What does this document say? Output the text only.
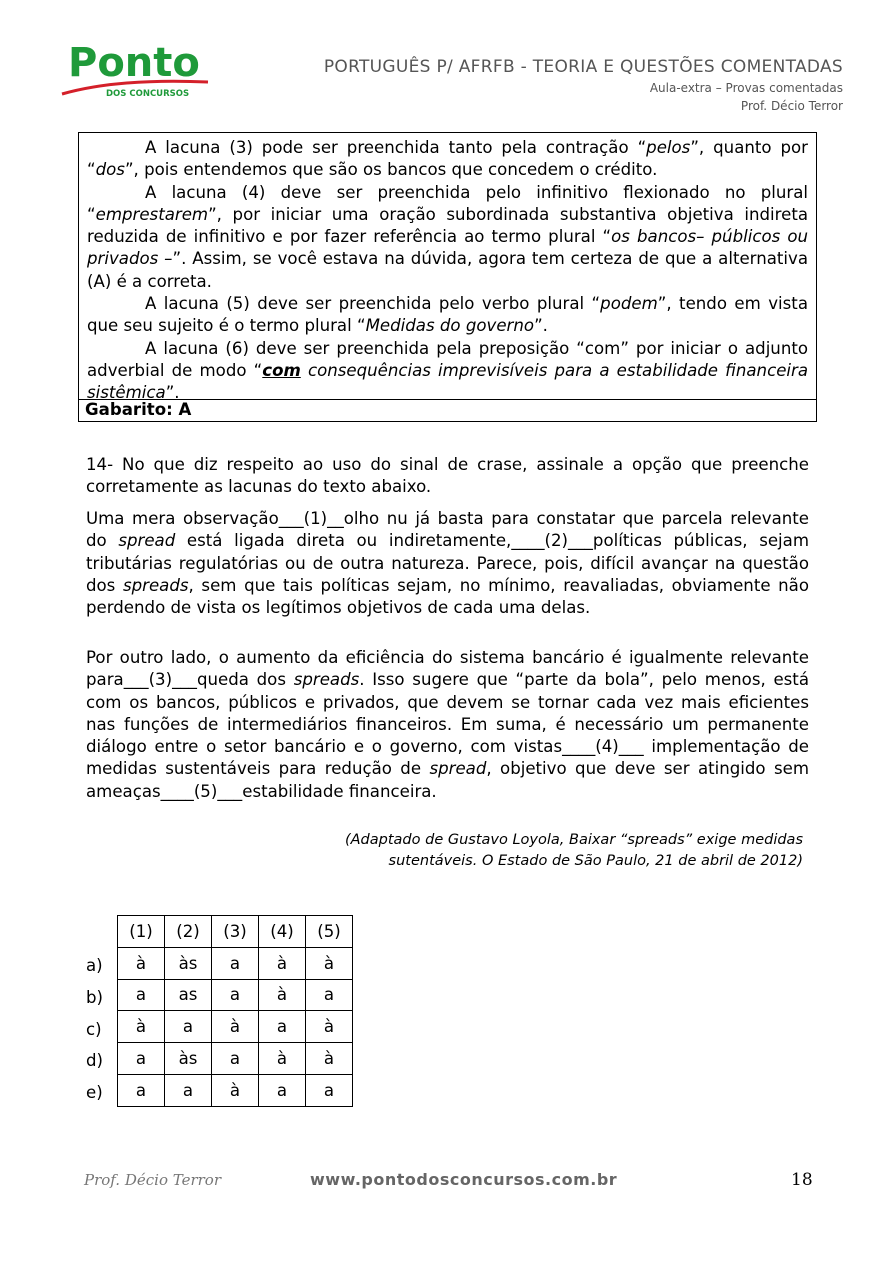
Ponto
DOS CONCURSOS
PORTUGUÊS P/ AFRFB - TEORIA E QUESTÕES COMENTADAS
Aula-extra – Provas comentadas
Prof. Décio Terror

A lacuna (3) pode ser preenchida tanto pela contração “pelos”, quanto por “dos”, pois entendemos que são os bancos que concedem o crédito.

A lacuna (4) deve ser preenchida pelo infinitivo flexionado no plural “emprestarem”, por iniciar uma oração subordinada substantiva objetiva indireta reduzida de infinitivo e por fazer referência ao termo plural “os bancos– públicos ou privados –”. Assim, se você estava na dúvida, agora tem certeza de que a alternativa (A) é a correta.

A lacuna (5) deve ser preenchida pelo verbo plural “podem”, tendo em vista que seu sujeito é o termo plural “Medidas do governo”.

A lacuna (6) deve ser preenchida pela preposição “com” por iniciar o adjunto adverbial de modo “com consequências imprevisíveis para a estabilidade financeira sistêmica”.

Gabarito: A
14- No que diz respeito ao uso do sinal de crase, assinale a opção que preenche corretamente as lacunas do texto abaixo.
Uma mera observação___(1)__olho nu já basta para constatar que parcela relevante do spread está ligada direta ou indiretamente,____(2)___políticas públicas, sejam tributárias regulatórias ou de outra natureza. Parece, pois, difícil avançar na questão dos spreads, sem que tais políticas sejam, no mínimo, reavaliadas, obviamente não perdendo de vista os legítimos objetivos de cada uma delas.
Por outro lado, o aumento da eficiência do sistema bancário é igualmente relevante para___(3)___queda dos spreads. Isso sugere que “parte da bola”, pelo menos, está com os bancos, públicos e privados, que devem se tornar cada vez mais eficientes nas funções de intermediários financeiros. Em suma, é necessário um permanente diálogo entre o setor bancário e o governo, com vistas____(4)___ implementação de medidas sustentáveis para redução de spread, objetivo que deve ser atingido sem ameaças____(5)___estabilidade financeira.
(Adaptado de Gustavo Loyola, Baixar “spreads” exige medidas
sutentáveis. O Estado de São Paulo, 21 de abril de 2012)
a)
b)
c)
d)
e)
(1)	(2)	(3)	(4)	(5)
à	às	a	à	à
a	as	a	à	a
à	a	à	a	à
a	às	a	à	à
a	a	à	a	a
Prof. Décio Terror	www.pontodosconcursos.com.br	18
